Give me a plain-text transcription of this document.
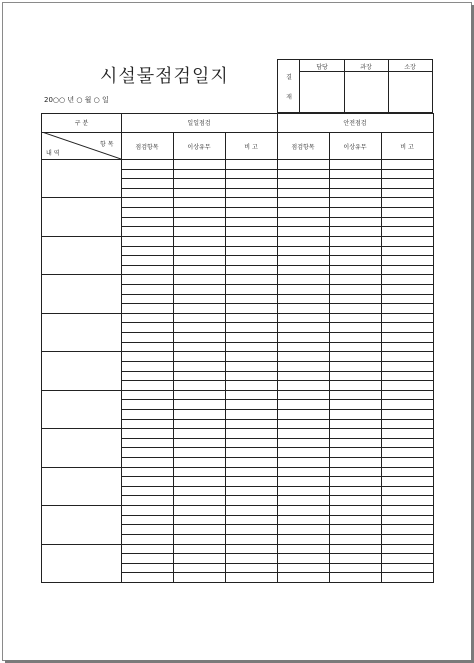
시설물점검일지
20○○ 년 ○ 월 ○ 일
결
재
담당	과장	소장
구 분	일일점검	안전점검
항 목
내 역
점검항목	이상유무	비 고	점검항목	이상유무	비 고
